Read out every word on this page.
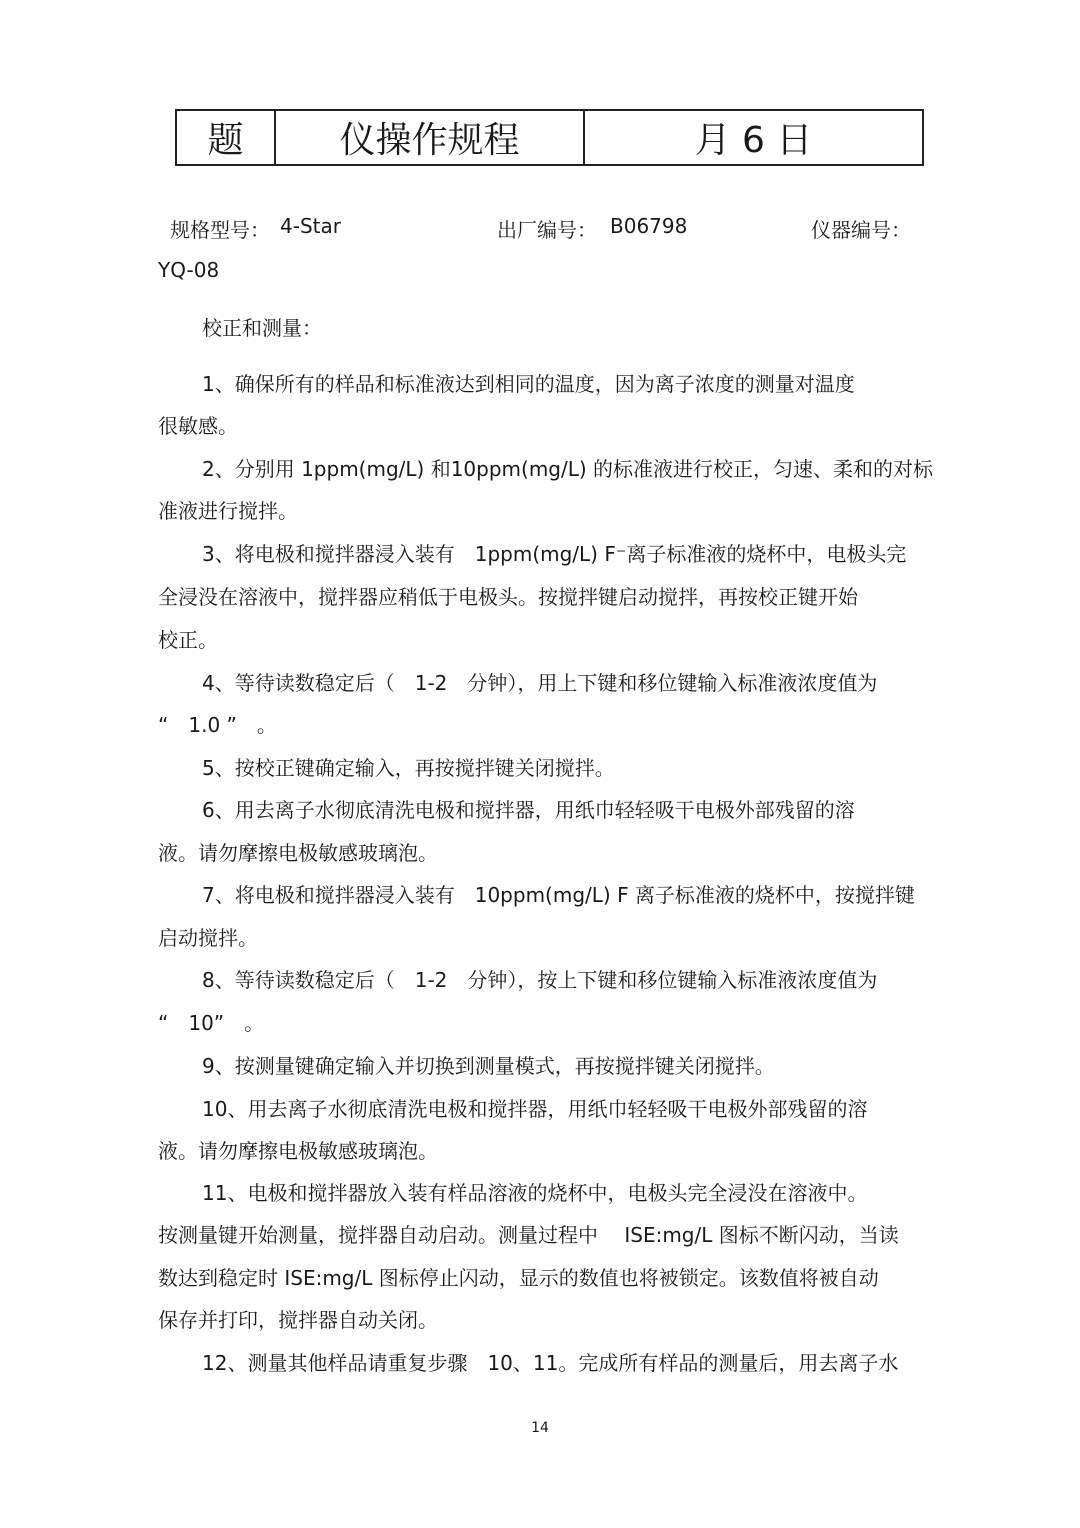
题	仪操作规程	月 6 日
规格型号： 4-Star	出厂编号： B06798	仪器编号：
YQ-08
校正和测量：
1、确保所有的样品和标准液达到相同的温度，因为离子浓度的测量对温度
很敏感。
2、分别用 1ppm(mg/L) 和10ppm(mg/L) 的标准液进行校正，匀速、柔和的对标
准液进行搅拌。
3、将电极和搅拌器浸入装有　1ppm(mg/L) F⁻离子标准液的烧杯中，电极头完
全浸没在溶液中，搅拌器应稍低于电极头。按搅拌键启动搅拌，再按校正键开始
校正。
4、等待读数稳定后（　1-2　分钟），用上下键和移位键输入标准液浓度值为
“　1.0 ”　。
5、按校正键确定输入，再按搅拌键关闭搅拌。
6、用去离子水彻底清洗电极和搅拌器，用纸巾轻轻吸干电极外部残留的溶
液。请勿摩擦电极敏感玻璃泡。
7、将电极和搅拌器浸入装有　10ppm(mg/L) F 离子标准液的烧杯中，按搅拌键
启动搅拌。
8、等待读数稳定后（　1-2　分钟），按上下键和移位键输入标准液浓度值为
“　10”　。
9、按测量键确定输入并切换到测量模式，再按搅拌键关闭搅拌。
10、用去离子水彻底清洗电极和搅拌器，用纸巾轻轻吸干电极外部残留的溶
液。请勿摩擦电极敏感玻璃泡。
11、电极和搅拌器放入装有样品溶液的烧杯中，电极头完全浸没在溶液中。
按测量键开始测量，搅拌器自动启动。测量过程中　 ISE:mg/L 图标不断闪动，当读
数达到稳定时 ISE:mg/L 图标停止闪动，显示的数值也将被锁定。该数值将被自动
保存并打印，搅拌器自动关闭。
12、测量其他样品请重复步骤　10、11。完成所有样品的测量后，用去离子水
14
